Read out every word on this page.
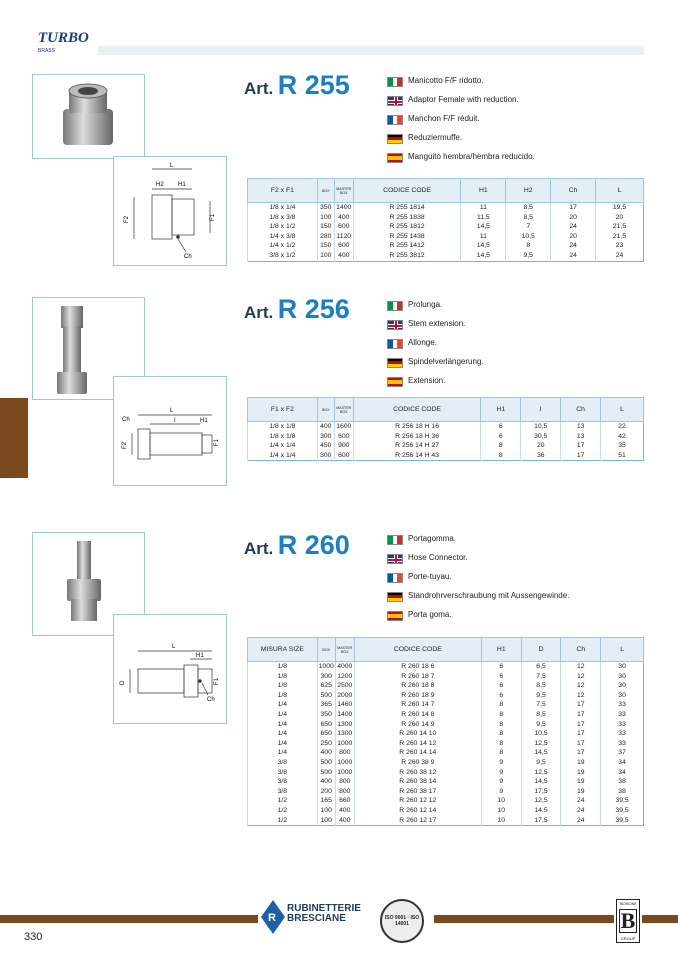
TURBO
BRASS
L
H2 H1
F2	F1
Ch
Art. R 255	Manicotto F/F ridotto.
Adaptor Female with reduction.
Manchon F/F réduit.
Reduziermuffe.
Manguito hembra/hembra reducido.
F2 x F1	BOX	MASTER BOX	CODICE CODE	H1	H2	Ch	L
1/8 x 1/4	350	1400	R 255 1814	11	8,5	17	19,5
1/8 x 3/8	100	400	R 255 1838	11,5	8,5	20	20
1/8 x 1/2	150	600	R 255 1812	14,5	7	24	21,5
1/4 x 3/8	280	1120	R 255 1438	11	10,5	20	21,5
1/4 x 1/2	150	600	R 255 1412	14,5	8	24	23
3/8 x 1/2	100	400	R 255 3812	14,5	9,5	24	24
L
I	H1
Ch
F2	F1
Art. R 256	Prolunga.
Stem extension.
Allonge.
Spindelverlängerung.
Extension.
F1 x F2	BOX	MASTER BOX	CODICE CODE	H1	I	Ch	L
1/8 x 1/8	400	1600	R 256 18 H 16	6	10,5	13	22
1/8 x 1/8	300	600	R 256 18 H 36	6	30,5	13	42
1/4 x 1/4	450	900	R 256 14 H 27	8	20	17	35
1/4 x 1/4	300	600	R 256 14 H 43	8	36	17	51
L
H1
D	F1
Ch
Art. R 260	Portagomma.
Hose Connector.
Porte-tuyau.
Standrohrverschraubung mit Aussengewinde.
Porta goma.
MISURA SIZE	BOX	MASTER BOX	CODICE CODE	H1	D	Ch	L
1/8	1000	4000	R 260 18 6	6	6,5	12	30
1/8	300	1200	R 260 18 7	6	7,5	12	30
1/8	625	2500	R 260 18 8	6	8,5	12	30
1/8	500	2000	R 260 18 9	6	9,5	12	30
1/4	365	1460	R 260 14 7	8	7,5	17	33
1/4	350	1400	R 260 14 8	8	8,5	17	33
1/4	650	1300	R 260 14 9	8	9,5	17	33
1/4	650	1300	R 260 14 10	8	10,5	17	33
1/4	250	1000	R 260 14 12	8	12,5	17	33
1/4	400	800	R 260 14 14	8	14,5	17	37
3/8	500	1000	R 260 38 9	9	9,5	19	34
3/8	500	1000	R 260 38 12	9	12,5	19	34
3/8	400	800	R 260 38 14	9	14,5	19	38
3/8	200	800	R 260 38 17	9	17,5	19	38
1/2	165	660	R 260 12 12	10	12,5	24	39,5
1/2	100	400	R 260 12 14	10	14,5	24	39,5
1/2	100	400	R 260 12 17	10	17,5	24	39,5
330
R
RUBINETTERIE
BRESCIANE	ISO 9001 · ISO 14001
BONOMI
B
GROUP
